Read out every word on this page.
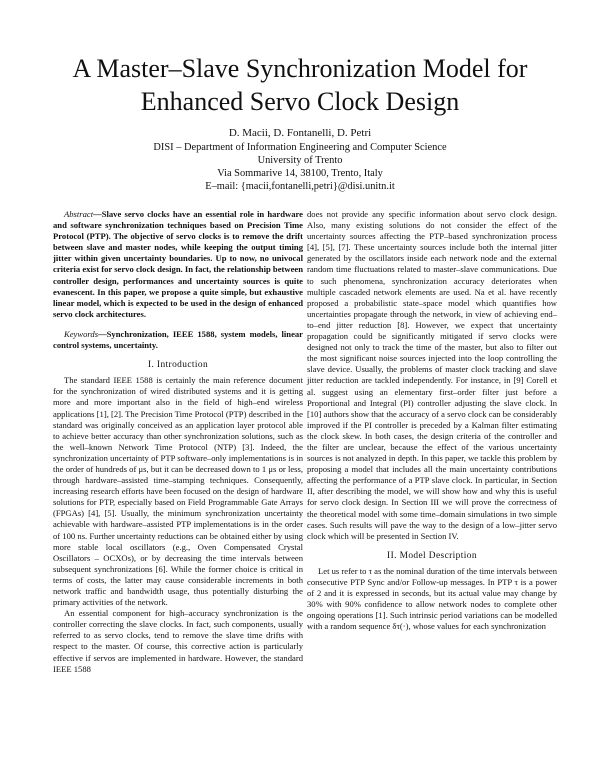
A Master–Slave Synchronization Model for
Enhanced Servo Clock Design
D. Macii, D. Fontanelli, D. Petri
DISI – Department of Information Engineering and Computer Science
University of Trento
Via Sommarive 14, 38100, Trento, Italy
E–mail: {macii,fontanelli,petri}@disi.unitn.it

Abstract—Slave servo clocks have an essential role in hardware and software synchronization techniques based on Precision Time Protocol (PTP). The objective of servo clocks is to remove the drift between slave and master nodes, while keeping the output timing jitter within given uncertainty boundaries. Up to now, no univocal criteria exist for servo clock design. In fact, the relationship between controller design, performances and uncertainty sources is quite evanescent. In this paper, we propose a quite simple, but exhaustive linear model, which is expected to be used in the design of enhanced servo clock architectures.

Keywords—Synchronization, IEEE 1588, system models, linear control systems, uncertainty.

I. Introduction

The standard IEEE 1588 is certainly the main reference document for the synchronization of wired distributed systems and it is getting more and more important also in the field of high–end wireless applications [1], [2]. The Precision Time Protocol (PTP) described in the standard was originally conceived as an application layer protocol able to achieve better accuracy than other synchronization solutions, such as the well–known Network Time Protocol (NTP) [3]. Indeed, the synchronization uncertainty of PTP software–only implementations is in the order of hundreds of μs, but it can be decreased down to 1 μs or less, through hardware–assisted time–stamping techniques. Consequently, increasing research efforts have been focused on the design of hardware solutions for PTP, especially based on Field Programmable Gate Arrays (FPGAs) [4], [5]. Usually, the minimum synchronization uncertainty achievable with hardware–assisted PTP implementations is in the order of 100 ns. Further uncertainty reductions can be obtained either by using more stable local oscillators (e.g., Oven Compensated Crystal Oscillators – OCXOs), or by decreasing the time intervals between subsequent synchronizations [6]. While the former choice is critical in terms of costs, the latter may cause considerable increments in both network traffic and bandwidth usage, thus potentially disturbing the primary activities of the network.

An essential component for high–accuracy synchronization is the controller correcting the slave clocks. In fact, such components, usually referred to as servo clocks, tend to remove the slave time drifts with respect to the master. Of course, this corrective action is particularly effective if servos are implemented in hardware. However, the standard IEEE 1588

does not provide any specific information about servo clock design. Also, many existing solutions do not consider the effect of the uncertainty sources affecting the PTP–based synchronization process [4], [5], [7]. These uncertainty sources include both the internal jitter generated by the oscillators inside each network node and the external random time fluctuations related to master–slave communications. Due to such phenomena, synchronization accuracy deteriorates when multiple cascaded network elements are used. Na et al. have recently proposed a probabilistic state–space model which quantifies how uncertainties propagate through the network, in view of achieving end–to–end jitter reduction [8]. However, we expect that uncertainty propagation could be significantly mitigated if servo clocks were designed not only to track the time of the master, but also to filter out the most significant noise sources injected into the loop controlling the slave device. Usually, the problems of master clock tracking and slave jitter reduction are tackled independently. For instance, in [9] Corell et al. suggest using an elementary first–order filter just before a Proportional and Integral (PI) controller adjusting the slave clock. In [10] authors show that the accuracy of a servo clock can be considerably improved if the PI controller is preceded by a Kalman filter estimating the clock skew. In both cases, the design criteria of the controller and the filter are unclear, because the effect of the various uncertainty sources is not analyzed in depth. In this paper, we tackle this problem by proposing a model that includes all the main uncertainty contributions affecting the performance of a PTP slave clock. In particular, in Section II, after describing the model, we will show how and why this is useful for servo clock design. In Section III we will prove the correctness of the theoretical model with some time–domain simulations in two simple cases. Such results will pave the way to the design of a low–jitter servo clock which will be presented in Section IV.

II. Model Description

Let us refer to τ as the nominal duration of the time intervals between consecutive PTP Sync and/or Follow-up messages. In PTP τ is a power of 2 and it is expressed in seconds, but its actual value may change by 30% with 90% confidence to allow network nodes to complete other ongoing operations [1]. Such intrinsic period variations can be modelled with a random sequence δτ(·), whose values for each synchronization
